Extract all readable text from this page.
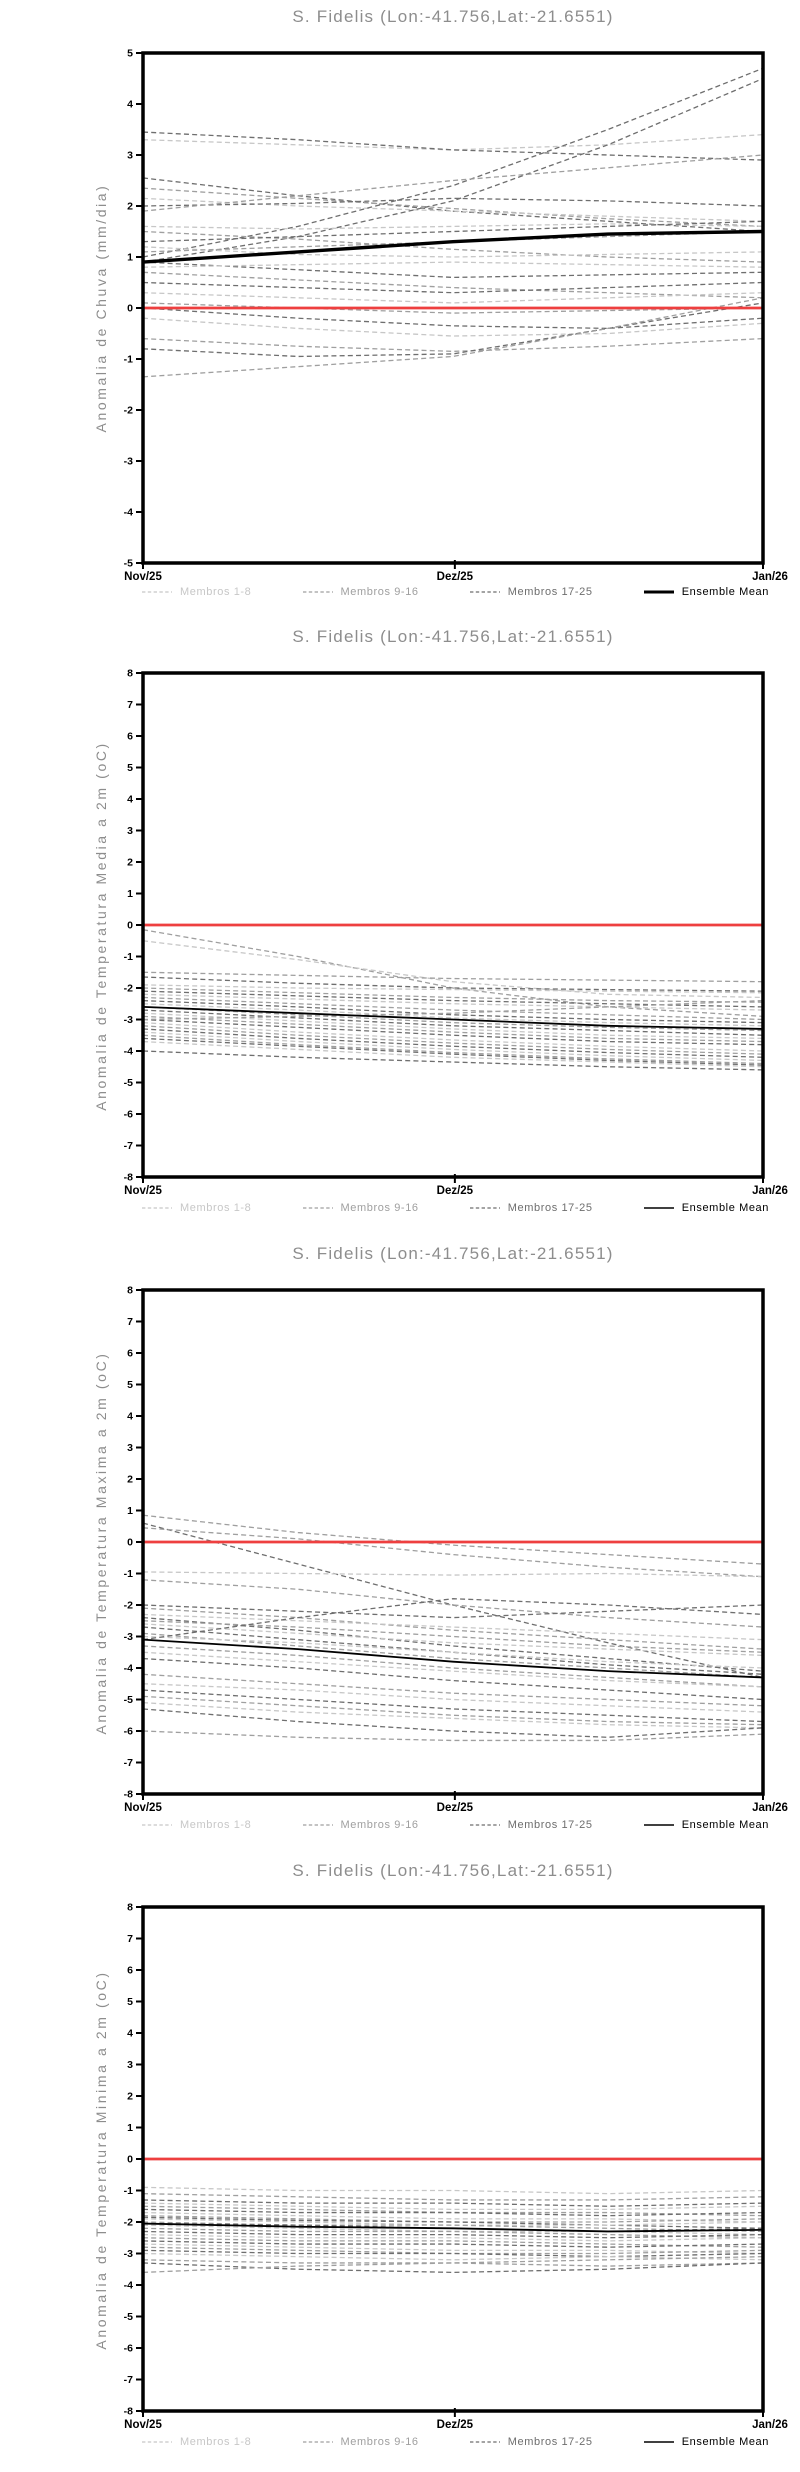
S. Fidelis (Lon:-41.756,Lat:-21.6551)
Anomalia de Chuva (mm/dia)
5
4
3
2
1
0
-1
-2
-3
-4
-5
Nov/25	Dez/25	Jan/26
Membros 1-8	Membros 9-16	Membros 17-25	Ensemble Mean
S. Fidelis (Lon:-41.756,Lat:-21.6551)
Anomalia de Temperatura Media a 2m (oC)
8
7
6
5
4
3
2
1
0
-1
-2
-3
-4
-5
-6
-7
-8
Nov/25	Dez/25	Jan/26
Membros 1-8	Membros 9-16	Membros 17-25	Ensemble Mean
S. Fidelis (Lon:-41.756,Lat:-21.6551)
Anomalia de Temperatura Maxima a 2m (oC)
8
7
6
5
4
3
2
1
0
-1
-2
-3
-4
-5
-6
-7
-8
Nov/25	Dez/25	Jan/26
Membros 1-8	Membros 9-16	Membros 17-25	Ensemble Mean
S. Fidelis (Lon:-41.756,Lat:-21.6551)
Anomalia de Temperatura Minima a 2m (oC)
8
7
6
5
4
3
2
1
0
-1
-2
-3
-4
-5
-6
-7
-8
Nov/25	Dez/25	Jan/26
Membros 1-8	Membros 9-16	Membros 17-25	Ensemble Mean
